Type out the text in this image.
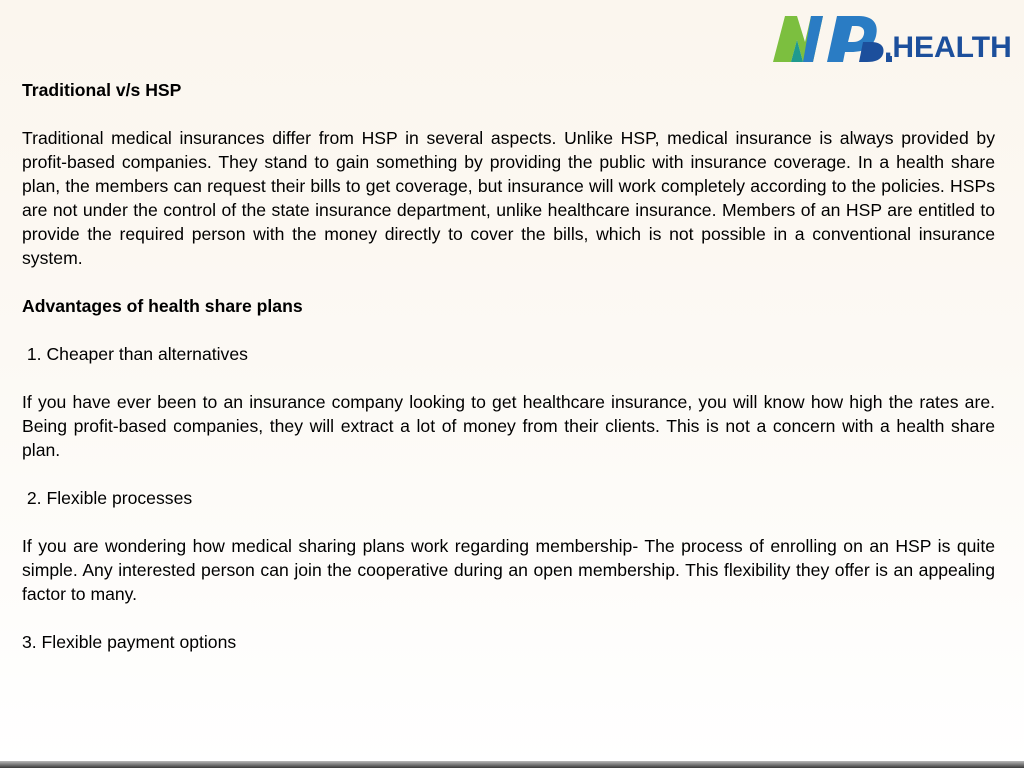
.HEALTH

Traditional v/s HSP

Traditional medical insurances differ from HSP in several aspects. Unlike HSP, medical insurance is always provided by profit-based companies. They stand to gain something by providing the public with insurance coverage. In a health share plan, the members can request their bills to get coverage, but insurance will work completely according to the policies. HSPs are not under the control of the state insurance department, unlike healthcare insurance. Members of an HSP are entitled to provide the required person with the money directly to cover the bills, which is not possible in a conventional insurance system.

Advantages of health share plans

1. Cheaper than alternatives

If you have ever been to an insurance company looking to get healthcare insurance, you will know how high the rates are. Being profit-based companies, they will extract a lot of money from their clients. This is not a concern with a health share plan.

2. Flexible processes

If you are wondering how medical sharing plans work regarding membership- The process of enrolling on an HSP is quite simple. Any interested person can join the cooperative during an open membership. This flexibility they offer is an appealing factor to many.

3. Flexible payment options
